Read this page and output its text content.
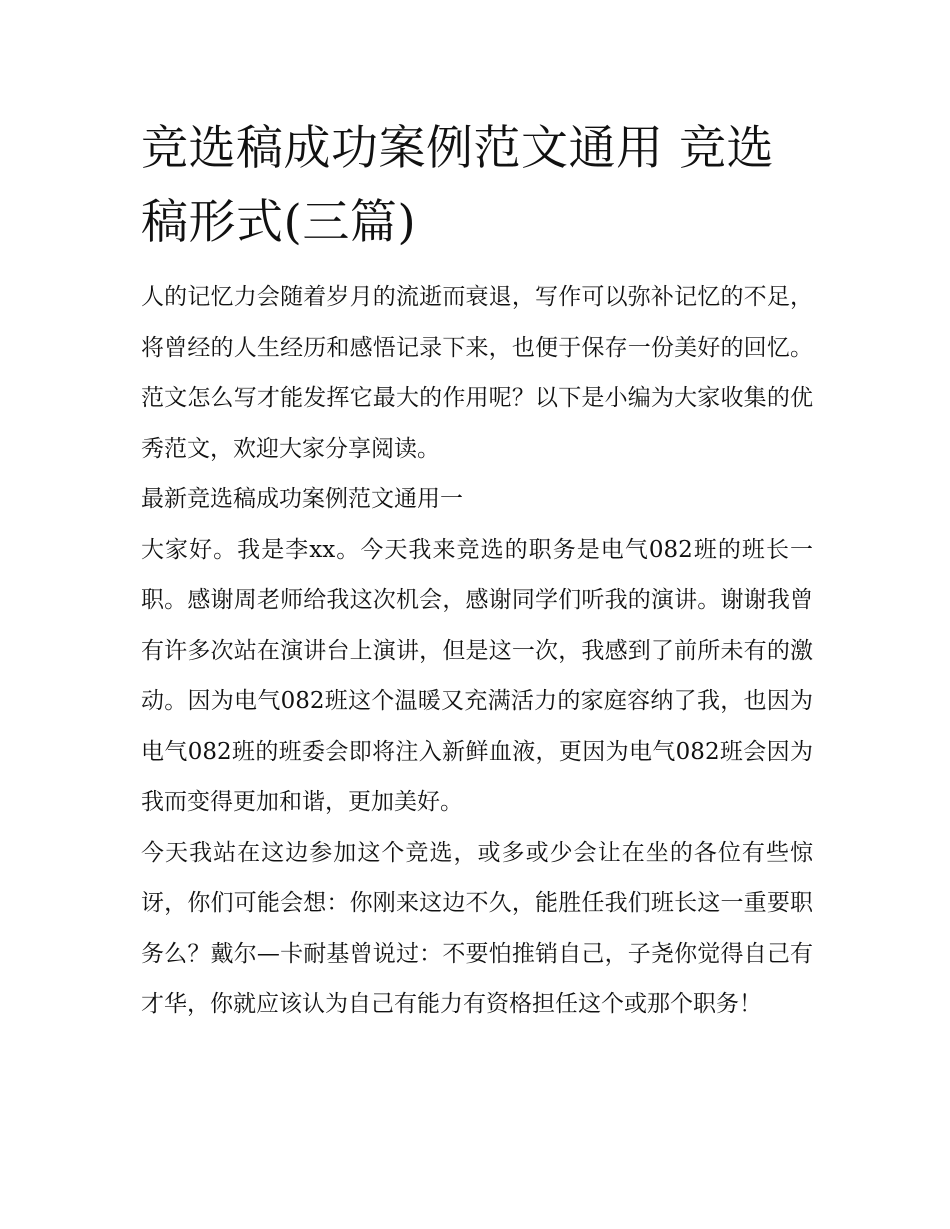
竞选稿成功案例范文通用 竞选稿形式(三篇)

人的记忆力会随着岁月的流逝而衰退，写作可以弥补记忆的不足，将曾经的人生经历和感悟记录下来，也便于保存一份美好的回忆。范文怎么写才能发挥它最大的作用呢？以下是小编为大家收集的优秀范文，欢迎大家分享阅读。

最新竞选稿成功案例范文通用一

大家好。我是李xx。今天我来竞选的职务是电气082班的班长一职。感谢周老师给我这次机会，感谢同学们听我的演讲。谢谢我曾有许多次站在演讲台上演讲，但是这一次，我感到了前所未有的激动。因为电气082班这个温暖又充满活力的家庭容纳了我，也因为电气082班的班委会即将注入新鲜血液，更因为电气082班会因为我而变得更加和谐，更加美好。

今天我站在这边参加这个竞选，或多或少会让在坐的各位有些惊讶，你们可能会想：你刚来这边不久，能胜任我们班长这一重要职务么？戴尔—卡耐基曾说过：不要怕推销自己，子尧你觉得自己有才华，你就应该认为自己有能力有资格担任这个或那个职务！
